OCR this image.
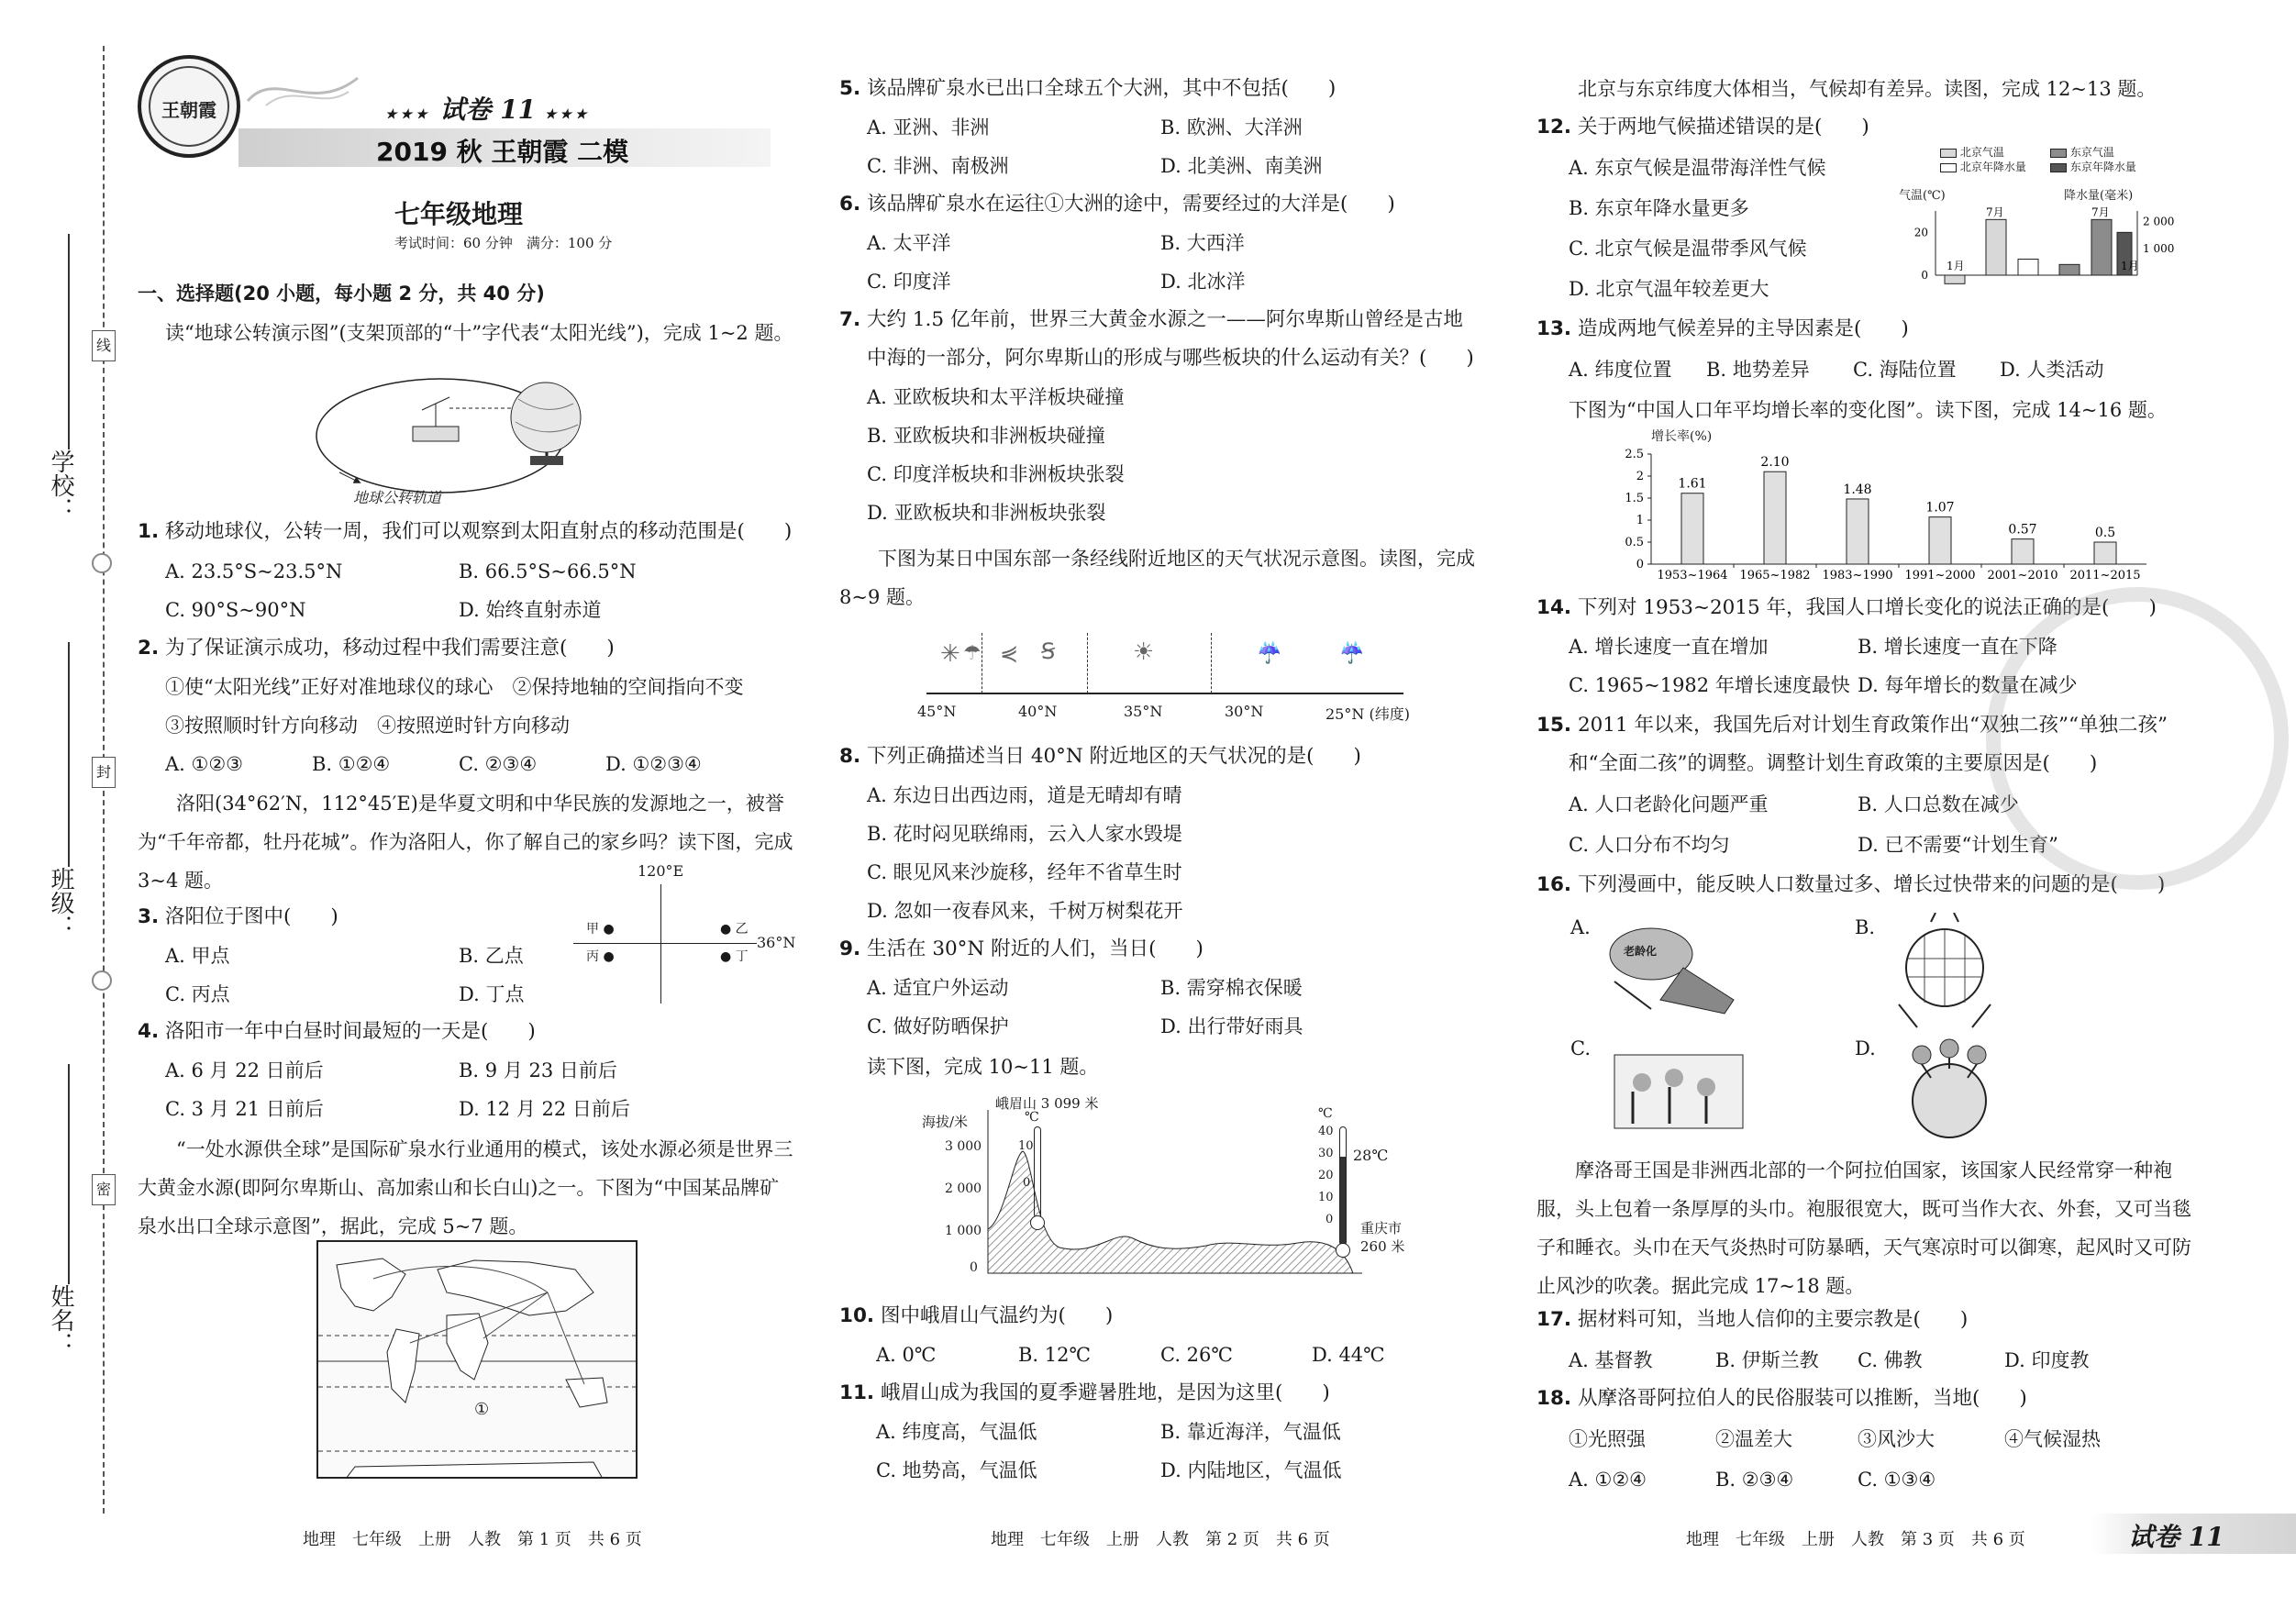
线
封
密
学校：
班级：
姓名：
王朝霞	★★★ 试卷 11 ★★★
2019 秋 王朝霞 二模
七年级地理
考试时间：60 分钟　满分：100 分
一、选择题(20 小题，每小题 2 分，共 40 分)
读“地球公转演示图”(支架顶部的“十”字代表“太阳光线”)，完成 1~2 题。
地球公转轨道
1. 移动地球仪，公转一周，我们可以观察到太阳直射点的移动范围是(　　)
A. 23.5°S~23.5°N	B. 66.5°S~66.5°N
C. 90°S~90°N	D. 始终直射赤道
2. 为了保证演示成功，移动过程中我们需要注意(　　)
①使“太阳光线”正好对准地球仪的球心　②保持地轴的空间指向不变
③按照顺时针方向移动　④按照逆时针方向移动
A. ①②③	B. ①②④	C. ②③④	D. ①②③④
洛阳(34°62′N，112°45′E)是华夏文明和中华民族的发源地之一，被誉为“千年帝都，牡丹花城”。作为洛阳人，你了解自己的家乡吗？读下图，完成 3~4 题。
3. 洛阳位于图中(　　)
A. 甲点	B. 乙点
C. 丙点	D. 丁点
120°E
36°N
甲 ●
丙 ●
● 乙
● 丁
4. 洛阳市一年中白昼时间最短的一天是(　　)
A. 6 月 22 日前后	B. 9 月 23 日前后
C. 3 月 21 日前后	D. 12 月 22 日前后
“一处水源供全球”是国际矿泉水行业通用的模式，该处水源必须是世界三大黄金水源(即阿尔卑斯山、高加索山和长白山)之一。下图为“中国某品牌矿泉水出口全球示意图”，据此，完成 5~7 题。
①
地理　七年级　上册　人教　第 1 页　共 6 页
5. 该品牌矿泉水已出口全球五个大洲，其中不包括(　　)
A. 亚洲、非洲	B. 欧洲、大洋洲
C. 非洲、南极洲	D. 北美洲、南美洲
6. 该品牌矿泉水在运往①大洲的途中，需要经过的大洋是(　　)
A. 太平洋	B. 大西洋
C. 印度洋	D. 北冰洋
7. 大约 1.5 亿年前，世界三大黄金水源之一——阿尔卑斯山曾经是古地
中海的一部分，阿尔卑斯山的形成与哪些板块的什么运动有关？(　　)
A. 亚欧板块和太平洋板块碰撞
B. 亚欧板块和非洲板块碰撞
C. 印度洋板块和非洲板块张裂
D. 亚欧板块和非洲板块张裂
下图为某日中国东部一条经线附近地区的天气状况示意图。读图，完成 8~9 题。
✳ ☂ ⋞ Ꞩ	☀	☔	☔
45°N	40°N	35°N	30°N	25°N (纬度)
8. 下列正确描述当日 40°N 附近地区的天气状况的是(　　)
A. 东边日出西边雨，道是无晴却有晴
B. 花时闷见联绵雨，云入人家水毁堤
C. 眼见风来沙旋移，经年不省草生时
D. 忽如一夜春风来，千树万树梨花开
9. 生活在 30°N 附近的人们，当日(　　)
A. 适宜户外运动	B. 需穿棉衣保暖
C. 做好防晒保护	D. 出行带好雨具
读下图，完成 10~11 题。
海拔/米
峨眉山 3 099 米
3 000
2 000
1 000
0
℃
10
0
℃
40
30
20
10
0
28℃
重庆市
260 米
10. 图中峨眉山气温约为(　　)
A. 0℃	B. 12℃	C. 26℃	D. 44℃
11. 峨眉山成为我国的夏季避暑胜地，是因为这里(　　)
A. 纬度高，气温低	B. 靠近海洋，气温低
C. 地势高，气温低	D. 内陆地区，气温低
地理　七年级　上册　人教　第 2 页　共 6 页
北京与东京纬度大体相当，气候却有差异。读图，完成 12~13 题。
12. 关于两地气候描述错误的是(　　)
A. 东京气候是温带海洋性气候
B. 东京年降水量更多
C. 北京气候是温带季风气候
D. 北京气温年较差更大
北京气温	东京气温
北京年降水量	东京年降水量
气温(℃)	降水量(毫米)
0
20
1 000
2 000
1月
7月	7月
1月
13. 造成两地气候差异的主导因素是(　　)
A. 纬度位置 B. 地势差异 C. 海陆位置 D. 人类活动
下图为“中国人口年平均增长率的变化图”。读下图，完成 14~16 题。
增长率(%)
0
0.5
1
1.5
2
2.5
1.61
1953~1964
2.10
1965~1982
1.48
1983~1990
1.07
1991~2000
0.57
2001~2010
0.5
2011~2015
14. 下列对 1953~2015 年，我国人口增长变化的说法正确的是(　　)
A. 增长速度一直在增加	B. 增长速度一直在下降
C. 1965~1982 年增长速度最快 D. 每年增长的数量在减少
15. 2011 年以来，我国先后对计划生育政策作出“双独二孩”“单独二孩”
和“全面二孩”的调整。调整计划生育政策的主要原因是(　　)
A. 人口老龄化问题严重	B. 人口总数在减少
C. 人口分布不均匀	D. 已不需要“计划生育”
16. 下列漫画中，能反映人口数量过多、增长过快带来的问题的是(　　)
A.
老龄化
B.
C.	D.
摩洛哥王国是非洲西北部的一个阿拉伯国家，该国家人民经常穿一种袍服，头上包着一条厚厚的头巾。袍服很宽大，既可当作大衣、外套，又可当毯子和睡衣。头巾在天气炎热时可防暴晒，天气寒凉时可以御寒，起风时又可防止风沙的吹袭。据此完成 17~18 题。
17. 据材料可知，当地人信仰的主要宗教是(　　)
A. 基督教	B. 伊斯兰教 C. 佛教	D. 印度教
18. 从摩洛哥阿拉伯人的民俗服装可以推断，当地(　　)
①光照强	②温差大	③风沙大	④气候湿热
A. ①②④	B. ②③④	C. ①③④
地理　七年级　上册　人教　第 3 页　共 6 页	试卷 11
